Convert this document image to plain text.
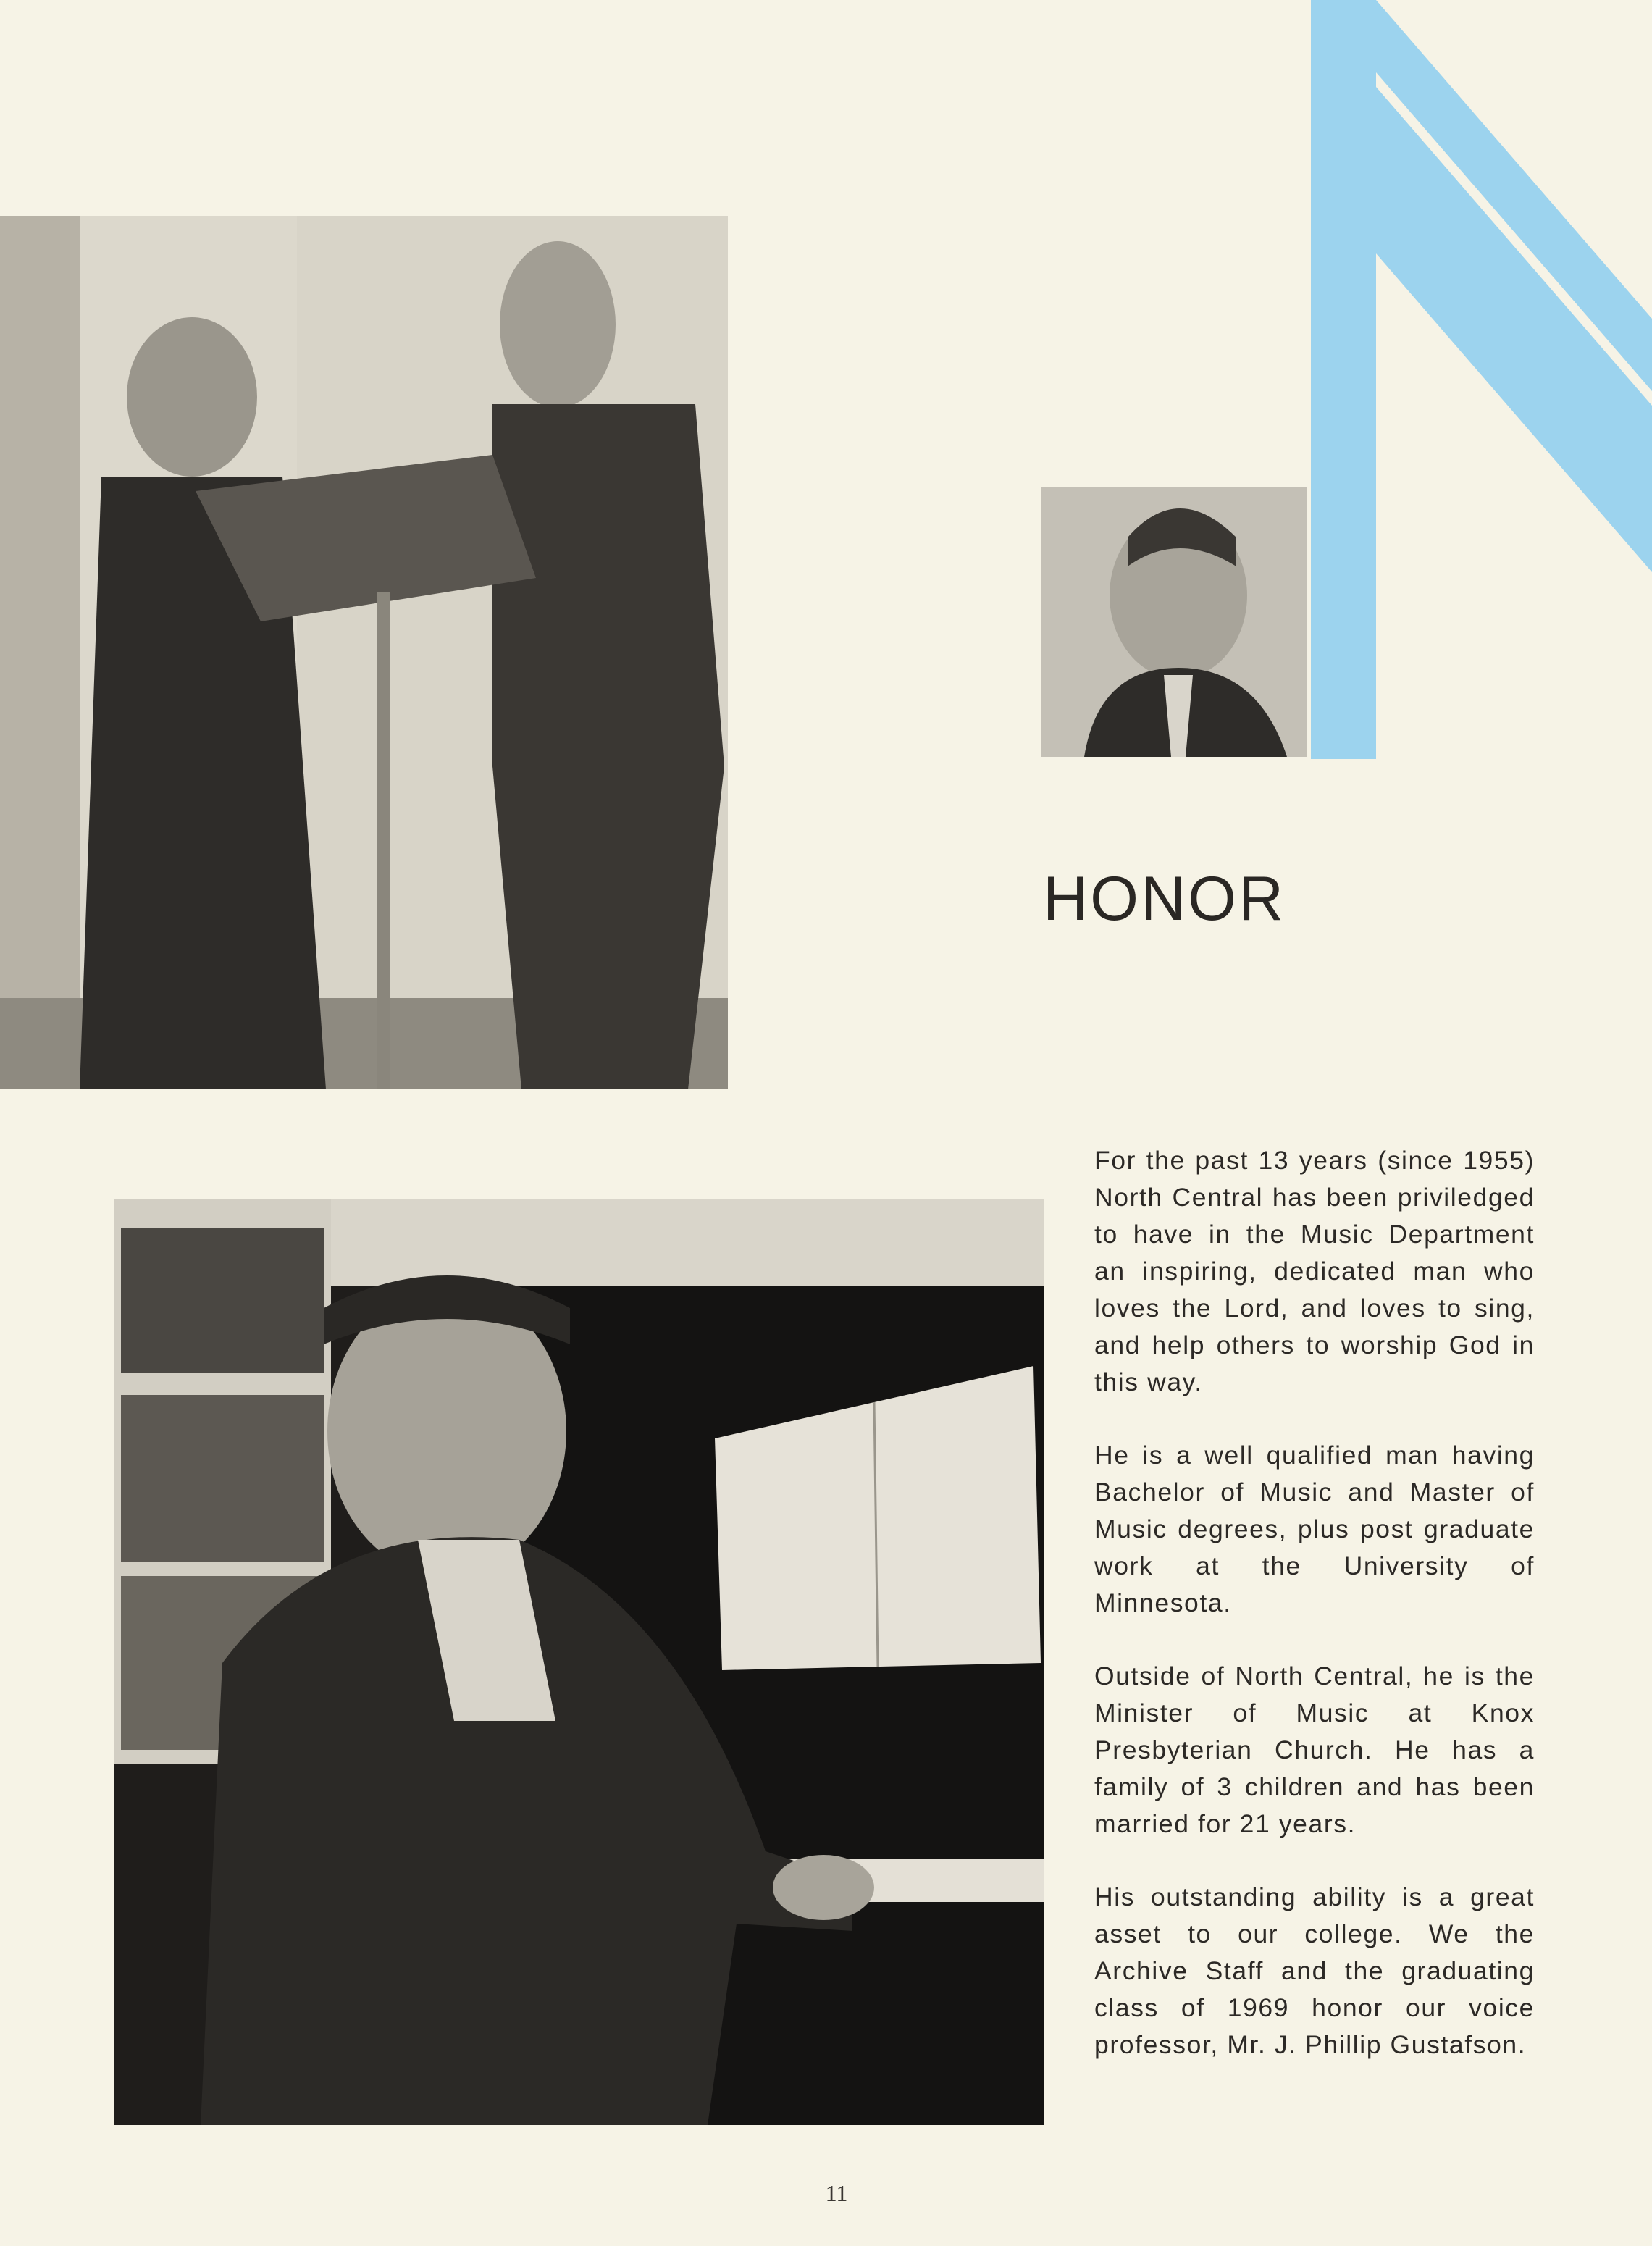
HONOR

For the past 13 years (since 1955) North Central has been priviledged to have in the Music Department an inspiring, dedicated man who loves the Lord, and loves to sing, and help others to worship God in this way.

He is a well qualified man having Bachelor of Music and Master of Music degrees, plus post graduate work at the University of Minnesota.

Outside of North Central, he is the Minister of Music at Knox Presbyterian Church. He has a family of 3 children and has been married for 21 years.

His outstanding ability is a great asset to our college. We the Archive Staff and the graduating class of 1969 honor our voice professor, Mr. J. Phillip Gustafson.

11
